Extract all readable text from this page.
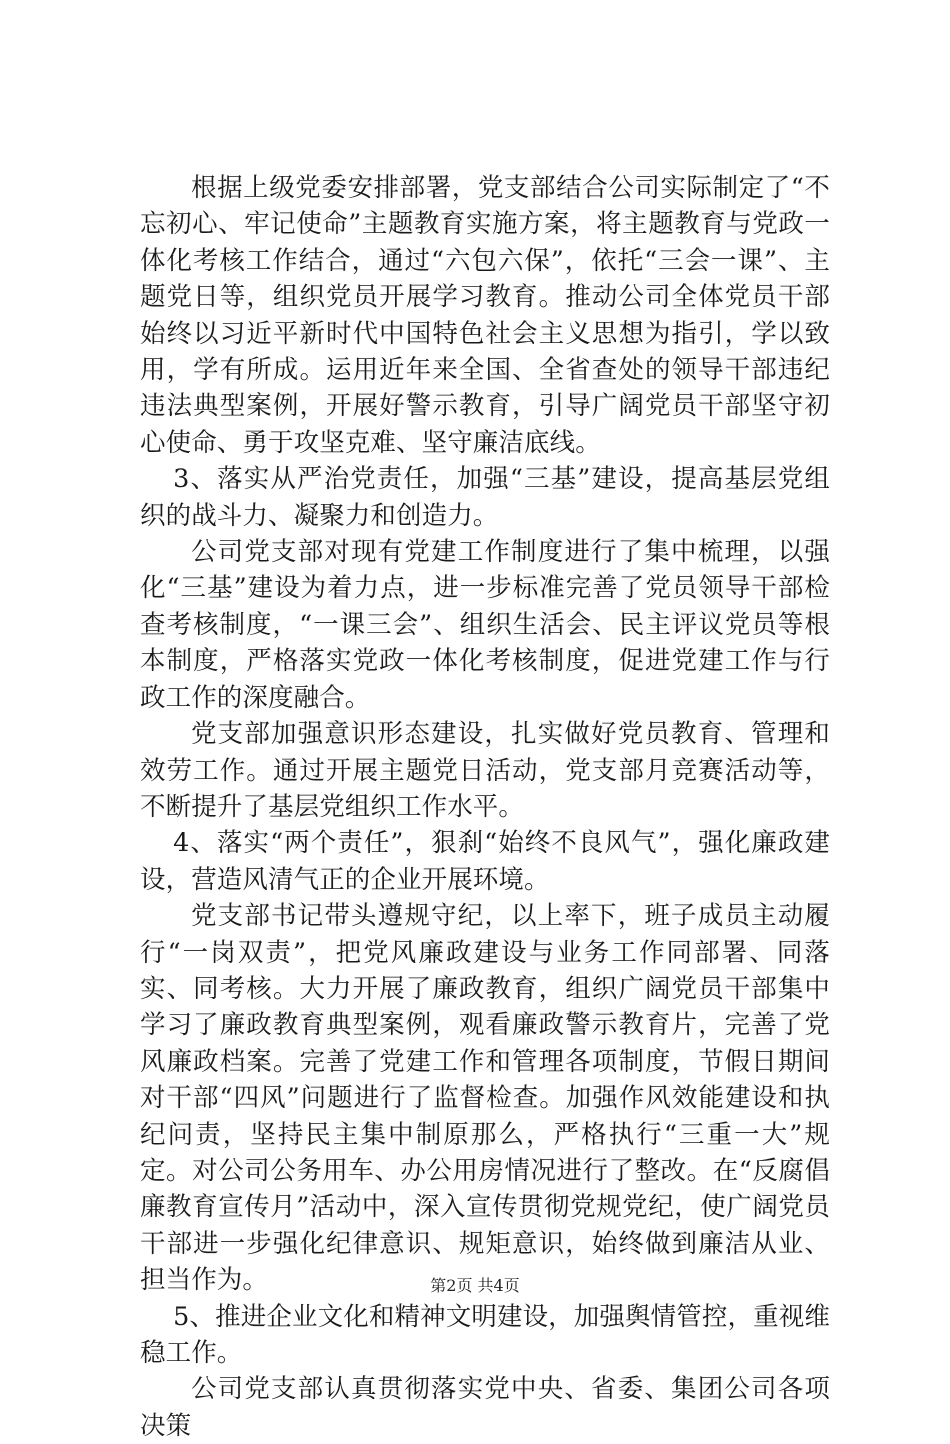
根据上级党委安排部署，党支部结合公司实际制定了“不忘初心、牢记使命”主题教育实施方案，将主题教育与党政一体化考核工作结合，通过“六包六保”，依托“三会一课”、主题党日等，组织党员开展学习教育。推动公司全体党员干部始终以习近平新时代中国特色社会主义思想为指引，学以致用，学有所成。运用近年来全国、全省查处的领导干部违纪违法典型案例，开展好警示教育，引导广阔党员干部坚守初心使命、勇于攻坚克难、坚守廉洁底线。

3、落实从严治党责任，加强“三基”建设，提高基层党组织的战斗力、凝聚力和创造力。

公司党支部对现有党建工作制度进行了集中梳理，以强化“三基”建设为着力点，进一步标准完善了党员领导干部检查考核制度，“一课三会”、组织生活会、民主评议党员等根本制度，严格落实党政一体化考核制度，促进党建工作与行政工作的深度融合。

党支部加强意识形态建设，扎实做好党员教育、管理和效劳工作。通过开展主题党日活动，党支部月竞赛活动等，不断提升了基层党组织工作水平。

4、落实“两个责任”，狠刹“始终不良风气”，强化廉政建设，营造风清气正的企业开展环境。

党支部书记带头遵规守纪，以上率下，班子成员主动履行“一岗双责”，把党风廉政建设与业务工作同部署、同落实、同考核。大力开展了廉政教育，组织广阔党员干部集中学习了廉政教育典型案例，观看廉政警示教育片，完善了党风廉政档案。完善了党建工作和管理各项制度，节假日期间对干部“四风”问题进行了监督检查。加强作风效能建设和执纪问责，坚持民主集中制原那么，严格执行“三重一大”规定。对公司公务用车、办公用房情况进行了整改。在“反腐倡廉教育宣传月”活动中，深入宣传贯彻党规党纪，使广阔党员干部进一步强化纪律意识、规矩意识，始终做到廉洁从业、担当作为。

5、推进企业文化和精神文明建设，加强舆情管控，重视维稳工作。

公司党支部认真贯彻落实党中央、省委、集团公司各项决策

第2页 共4页
